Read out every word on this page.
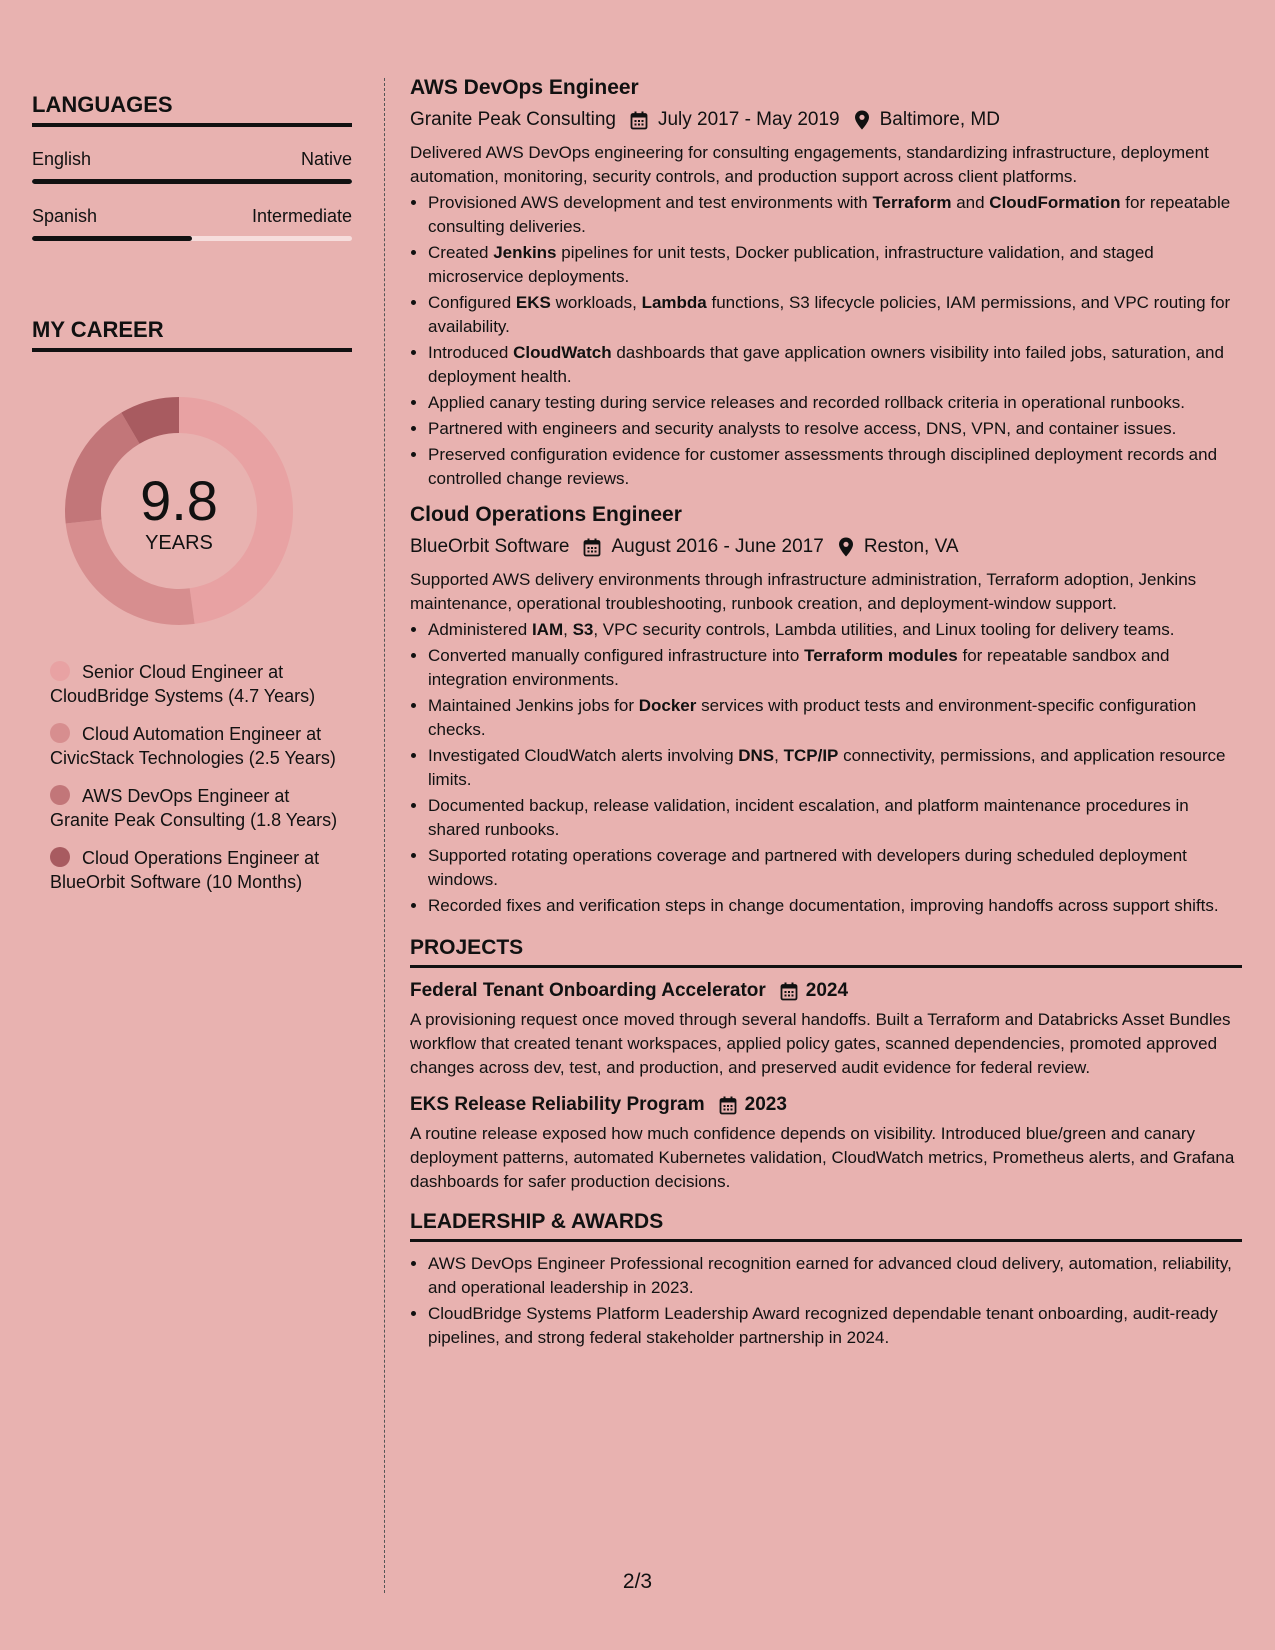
LANGUAGES
English	Native
Spanish	Intermediate
MY CAREER
9.8
YEARS
Senior Cloud Engineer at CloudBridge Systems (4.7 Years)
Cloud Automation Engineer at CivicStack Technologies (2.5 Years)
AWS DevOps Engineer at Granite Peak Consulting (1.8 Years)
Cloud Operations Engineer at BlueOrbit Software (10 Months)
AWS DevOps Engineer
Granite Peak Consulting July 2017 - May 2019 Baltimore, MD
Delivered AWS DevOps engineering for consulting engagements, standardizing infrastructure, deployment automation, monitoring, security controls, and production support across client platforms.
• Provisioned AWS development and test environments with Terraform and CloudFormation for repeatable consulting deliveries.
• Created Jenkins pipelines for unit tests, Docker publication, infrastructure validation, and staged microservice deployments.
• Configured EKS workloads, Lambda functions, S3 lifecycle policies, IAM permissions, and VPC routing for availability.
• Introduced CloudWatch dashboards that gave application owners visibility into failed jobs, saturation, and deployment health.
• Applied canary testing during service releases and recorded rollback criteria in operational runbooks.
• Partnered with engineers and security analysts to resolve access, DNS, VPN, and container issues.
• Preserved configuration evidence for customer assessments through disciplined deployment records and controlled change reviews.
Cloud Operations Engineer
BlueOrbit Software August 2016 - June 2017 Reston, VA
Supported AWS delivery environments through infrastructure administration, Terraform adoption, Jenkins maintenance, operational troubleshooting, runbook creation, and deployment-window support.
• Administered IAM, S3, VPC security controls, Lambda utilities, and Linux tooling for delivery teams.
• Converted manually configured infrastructure into Terraform modules for repeatable sandbox and integration environments.
• Maintained Jenkins jobs for Docker services with product tests and environment-specific configuration checks.
• Investigated CloudWatch alerts involving DNS, TCP/IP connectivity, permissions, and application resource limits.
• Documented backup, release validation, incident escalation, and platform maintenance procedures in shared runbooks.
• Supported rotating operations coverage and partnered with developers during scheduled deployment windows.
• Recorded fixes and verification steps in change documentation, improving handoffs across support shifts.
PROJECTS
Federal Tenant Onboarding Accelerator 2024
A provisioning request once moved through several handoffs. Built a Terraform and Databricks Asset Bundles workflow that created tenant workspaces, applied policy gates, scanned dependencies, promoted approved changes across dev, test, and production, and preserved audit evidence for federal review.
EKS Release Reliability Program 2023
A routine release exposed how much confidence depends on visibility. Introduced blue/green and canary deployment patterns, automated Kubernetes validation, CloudWatch metrics, Prometheus alerts, and Grafana dashboards for safer production decisions.
LEADERSHIP & AWARDS
• AWS DevOps Engineer Professional recognition earned for advanced cloud delivery, automation, reliability, and operational leadership in 2023.
• CloudBridge Systems Platform Leadership Award recognized dependable tenant onboarding, audit-ready pipelines, and strong federal stakeholder partnership in 2024.
2/3
